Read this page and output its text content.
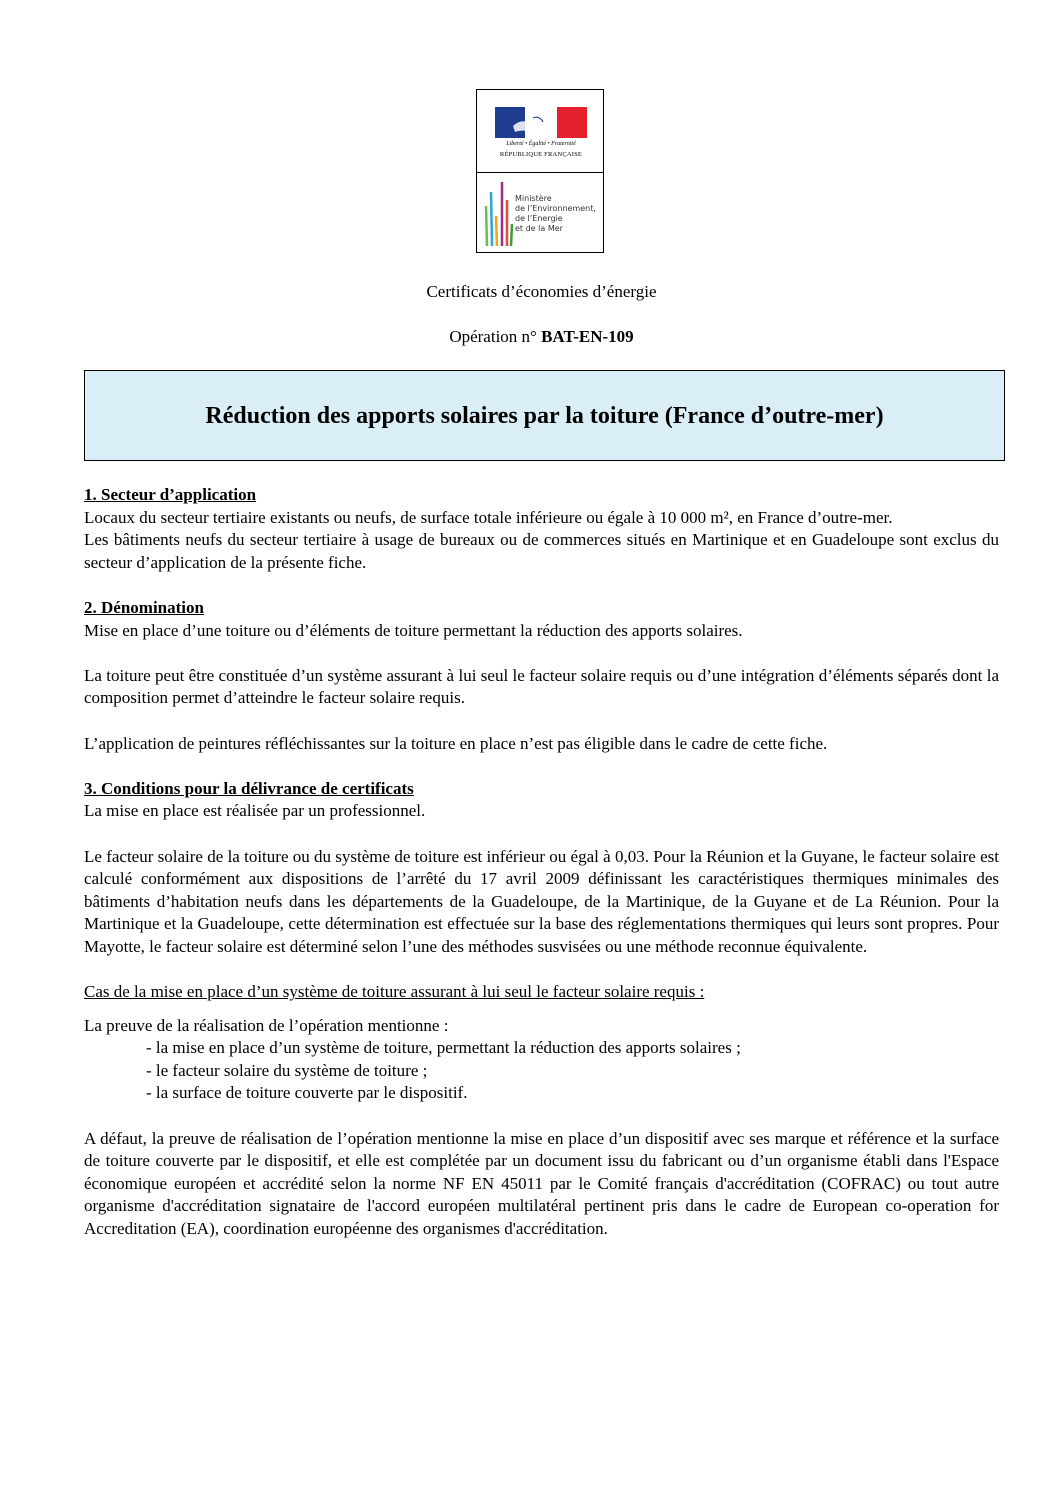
Liberté • Égalité • Fraternité
RÉPUBLIQUE FRANÇAISE
Ministère
de l’Environnement,
de l’Énergie
et de la Mer
Certificats d’économies d’énergie
Opération n° BAT-EN-109
Réduction des apports solaires par la toiture (France d’outre-mer)

1. Secteur d’application

Locaux du secteur tertiaire existants ou neufs, de surface totale inférieure ou égale à 10 000 m², en France d’outre-mer.

Les bâtiments neufs du secteur tertiaire à usage de bureaux ou de commerces situés en Martinique et en Guadeloupe sont exclus du secteur d’application de la présente fiche.

2. Dénomination

Mise en place d’une toiture ou d’éléments de toiture permettant la réduction des apports solaires.

La toiture peut être constituée d’un système assurant à lui seul le facteur solaire requis ou d’une intégration d’éléments séparés dont la composition permet d’atteindre le facteur solaire requis.

L’application de peintures réfléchissantes sur la toiture en place n’est pas éligible dans le cadre de cette fiche.

3. Conditions pour la délivrance de certificats

La mise en place est réalisée par un professionnel.

Le facteur solaire de la toiture ou du système de toiture est inférieur ou égal à 0,03. Pour la Réunion et la Guyane, le facteur solaire est calculé conformément aux dispositions de l’arrêté du 17 avril 2009 définissant les caractéristiques thermiques minimales des bâtiments d’habitation neufs dans les départements de la Guadeloupe, de la Martinique, de la Guyane et de La Réunion. Pour la Martinique et la Guadeloupe, cette détermination est effectuée sur la base des réglementations thermiques qui leurs sont propres. Pour Mayotte, le facteur solaire est déterminé selon l’une des méthodes susvisées ou une méthode reconnue équivalente.

Cas de la mise en place d’un système de toiture assurant à lui seul le facteur solaire requis :

La preuve de la réalisation de l’opération mentionne :

- la mise en place d’un système de toiture, permettant la réduction des apports solaires ;

- le facteur solaire du système de toiture ;

- la surface de toiture couverte par le dispositif.

A défaut, la preuve de réalisation de l’opération mentionne la mise en place d’un dispositif avec ses marque et référence et la surface de toiture couverte par le dispositif, et elle est complétée par un document issu du fabricant ou d’un organisme établi dans l'Espace économique européen et accrédité selon la norme NF EN 45011 par le Comité français d'accréditation (COFRAC) ou tout autre organisme d'accréditation signataire de l'accord européen multilatéral pertinent pris dans le cadre de European co-operation for Accreditation (EA), coordination européenne des organismes d'accréditation.
